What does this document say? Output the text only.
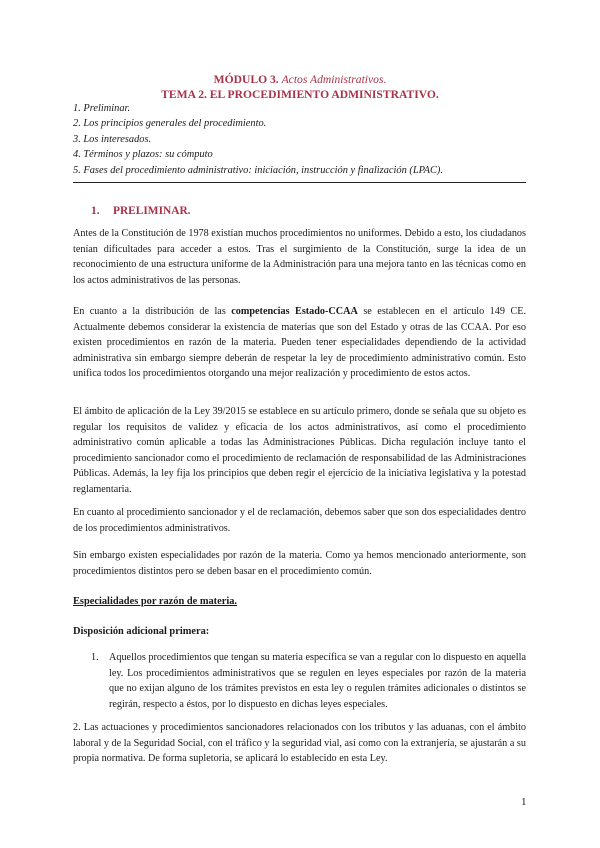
MÓDULO 3. Actos Administrativos.
TEMA 2. EL PROCEDIMIENTO ADMINISTRATIVO.
1. Preliminar.
2. Los principios generales del procedimiento.
3. Los interesados.
4. Términos y plazos: su cómputo
5. Fases del procedimiento administrativo: iniciación, instrucción y finalización (LPAC).
1. PRELIMINAR.

Antes de la Constitución de 1978 existían muchos procedimientos no uniformes. Debido a esto, los ciudadanos tenían dificultades para acceder a estos. Tras el surgimiento de la Constitución, surge la idea de un reconocimiento de una estructura uniforme de la Administración para una mejora tanto en las técnicas como en los actos administrativos de las personas.

En cuanto a la distribución de las competencias Estado-CCAA se establecen en el artículo 149 CE. Actualmente debemos considerar la existencia de materias que son del Estado y otras de las CCAA. Por eso existen procedimientos en razón de la materia. Pueden tener especialidades dependiendo de la actividad administrativa sin embargo siempre deberán de respetar la ley de procedimiento administrativo común. Esto unifica todos los procedimientos otorgando una mejor realización y procedimiento de estos actos.

El ámbito de aplicación de la Ley 39/2015 se establece en su artículo primero, donde se señala que su objeto es regular los requisitos de validez y eficacia de los actos administrativos, así como el procedimiento administrativo común aplicable a todas las Administraciones Públicas. Dicha regulación incluye tanto el procedimiento sancionador como el procedimiento de reclamación de responsabilidad de las Administraciones Públicas. Además, la ley fija los principios que deben regir el ejercicio de la iniciativa legislativa y la potestad reglamentaria.

En cuanto al procedimiento sancionador y el de reclamación, debemos saber que son dos especialidades dentro de los procedimientos administrativos.

Sin embargo existen especialidades por razón de la materia. Como ya hemos mencionado anteriormente, son procedimientos distintos pero se deben basar en el procedimiento común.

Especialidades por razón de materia.
Disposición adicional primera:
1. Aquellos procedimientos que tengan su materia específica se van a regular con lo dispuesto en aquella ley. Los procedimientos administrativos que se regulen en leyes especiales por razón de la materia que no exijan alguno de los trámites previstos en esta ley o regulen trámites adicionales o distintos se regirán, respecto a éstos, por lo dispuesto en dichas leyes especiales.

2. Las actuaciones y procedimientos sancionadores relacionados con los tributos y las aduanas, con el ámbito laboral y de la Seguridad Social, con el tráfico y la seguridad vial, así como con la extranjería, se ajustarán a su propia normativa. De forma supletoria, se aplicará lo establecido en esta Ley.

1
